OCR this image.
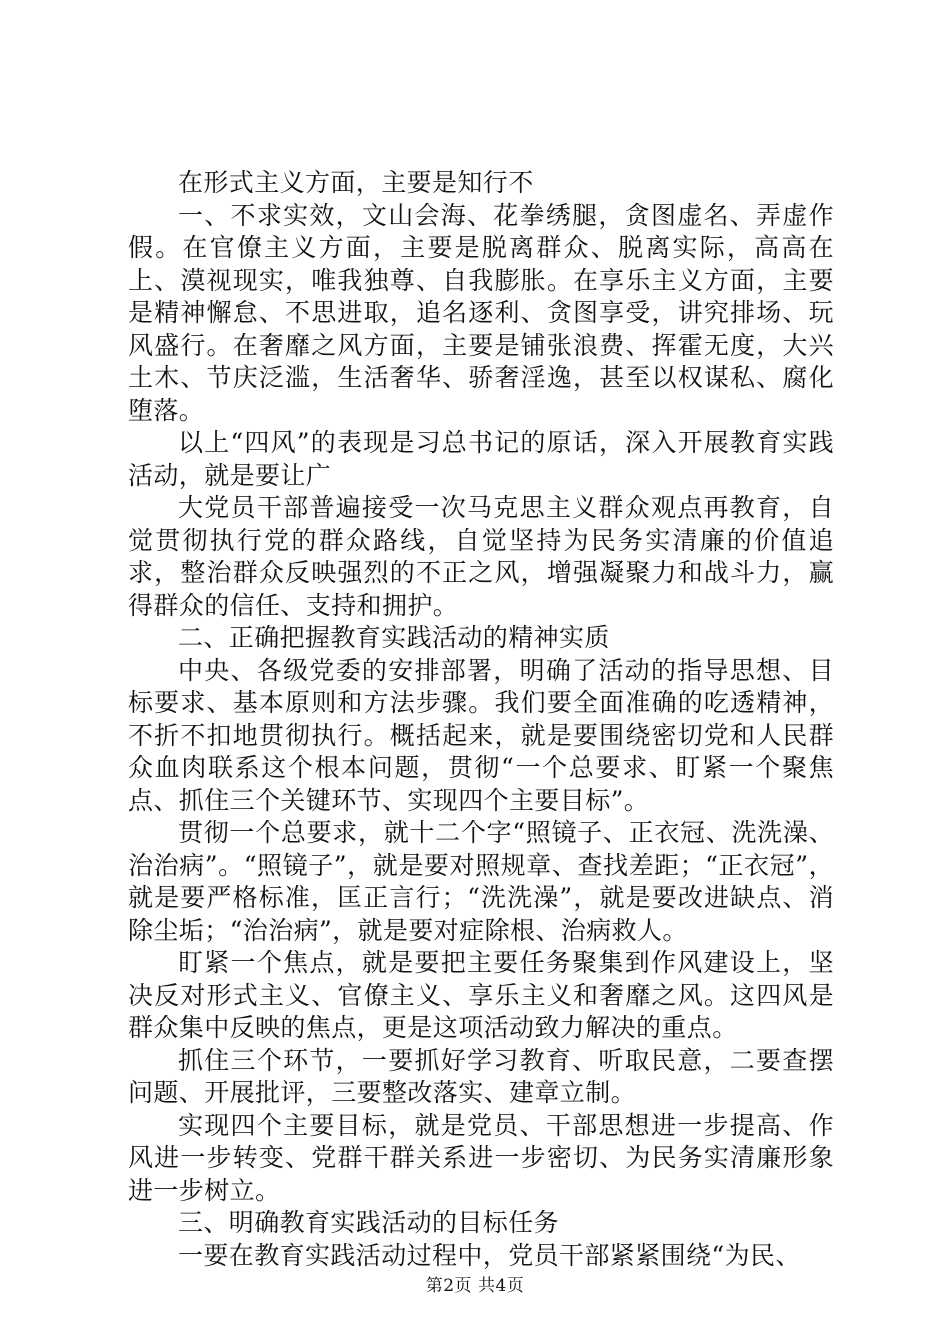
在形式主义方面，主要是知行不

一、不求实效，文山会海、花拳绣腿，贪图虚名、弄虚作假。在官僚主义方面，主要是脱离群众、脱离实际，高高在上、漠视现实，唯我独尊、自我膨胀。在享乐主义方面，主要是精神懈怠、不思进取，追名逐利、贪图享受，讲究排场、玩风盛行。在奢靡之风方面，主要是铺张浪费、挥霍无度，大兴土木、节庆泛滥，生活奢华、骄奢淫逸，甚至以权谋私、腐化堕落。

以上“四风”的表现是习总书记的原话，深入开展教育实践活动，就是要让广

大党员干部普遍接受一次马克思主义群众观点再教育，自觉贯彻执行党的群众路线，自觉坚持为民务实清廉的价值追求，整治群众反映强烈的不正之风，增强凝聚力和战斗力，赢得群众的信任、支持和拥护。

二、正确把握教育实践活动的精神实质

中央、各级党委的安排部署，明确了活动的指导思想、目标要求、基本原则和方法步骤。我们要全面准确的吃透精神，不折不扣地贯彻执行。概括起来，就是要围绕密切党和人民群众血肉联系这个根本问题，贯彻“一个总要求、盯紧一个聚焦点、抓住三个关键环节、实现四个主要目标”。

贯彻一个总要求，就十二个字“照镜子、正衣冠、洗洗澡、治治病”。“照镜子”，就是要对照规章、查找差距；“正衣冠”，就是要严格标准，匡正言行；“洗洗澡”，就是要改进缺点、消除尘垢；“治治病”，就是要对症除根、治病救人。

盯紧一个焦点，就是要把主要任务聚集到作风建设上，坚决反对形式主义、官僚主义、享乐主义和奢靡之风。这四风是群众集中反映的焦点，更是这项活动致力解决的重点。

抓住三个环节，一要抓好学习教育、听取民意，二要查摆问题、开展批评，三要整改落实、建章立制。

实现四个主要目标，就是党员、干部思想进一步提高、作风进一步转变、党群干群关系进一步密切、为民务实清廉形象进一步树立。

三、明确教育实践活动的目标任务

一要在教育实践活动过程中，党员干部紧紧围绕“为民、

第2页 共4页
